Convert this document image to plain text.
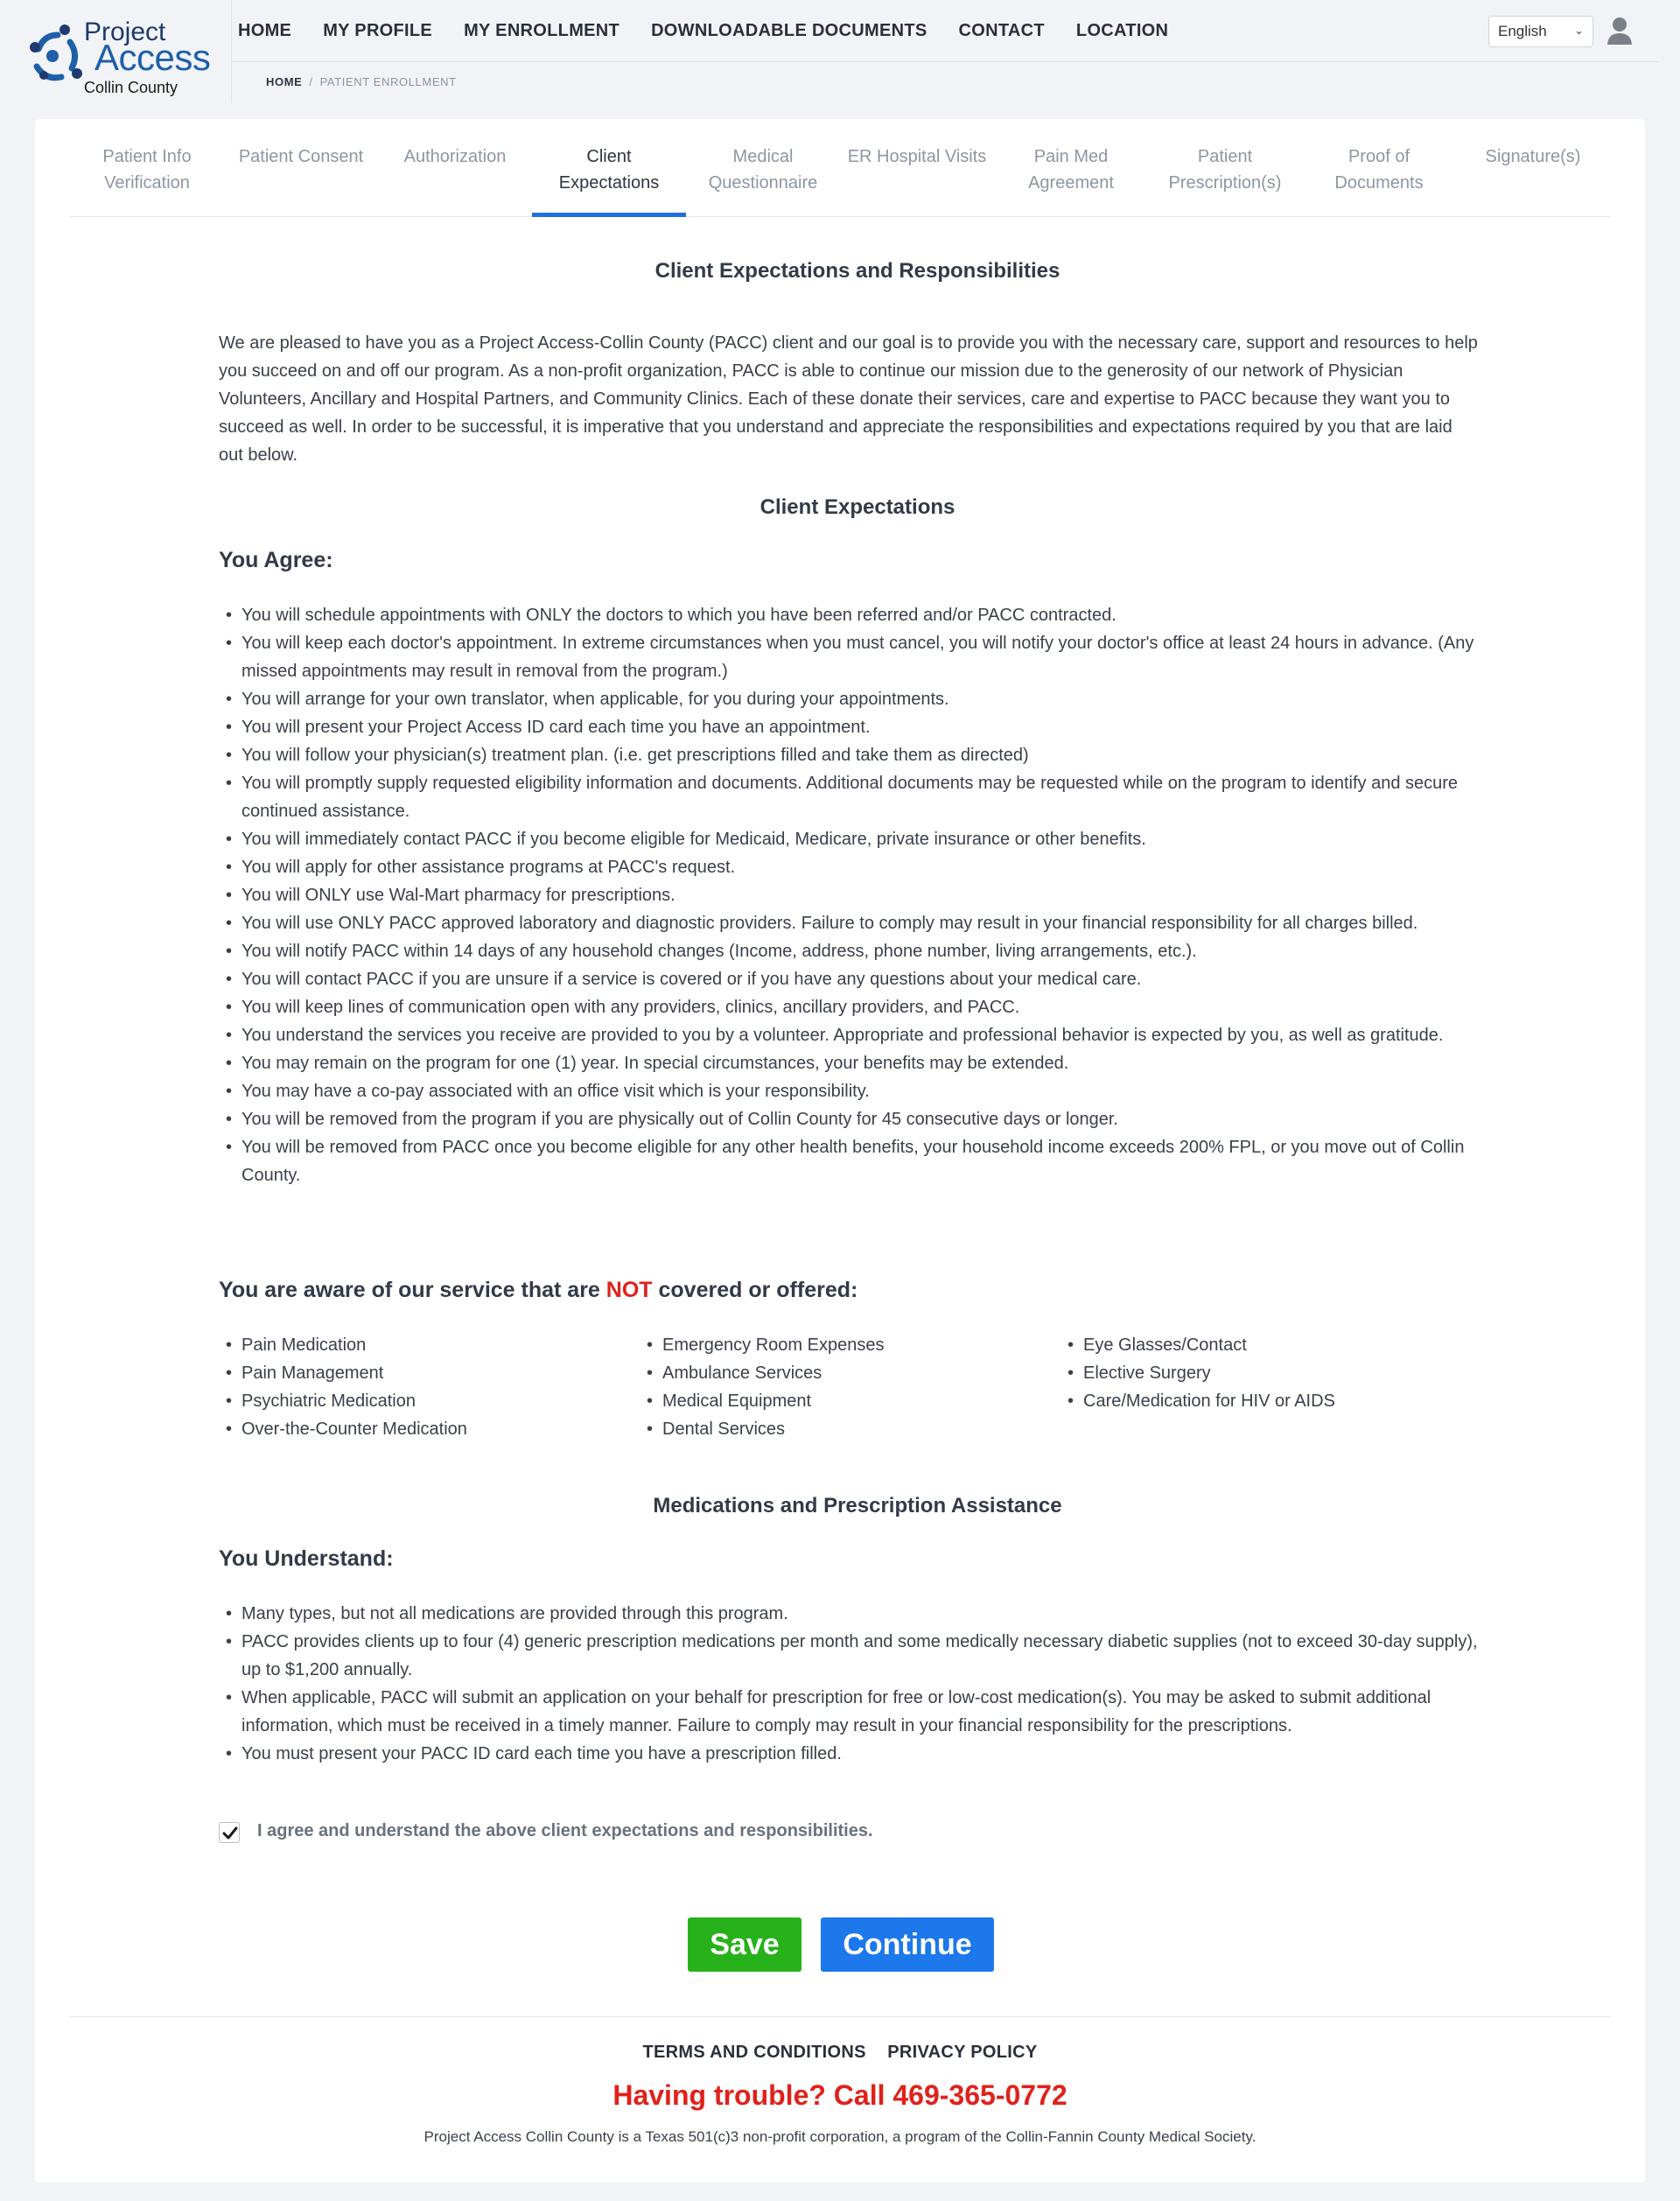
Project
Access
Collin County
HOME MY PROFILE MY ENROLLMENT DOWNLOADABLE DOCUMENTS CONTACT LOCATION
HOME / PATIENT ENROLLMENT
English ⌄
Patient Info
Verification
Patient Consent	Authorization	Client
Expectations
Medical
Questionnaire
ER Hospital Visits	Pain Med
Agreement
Patient
Prescription(s)
Proof of
Documents
Signature(s)
Client Expectations and Responsibilities

We are pleased to have you as a Project Access-Collin County (PACC) client and our goal is to provide you with the necessary care, support and resources to help you succeed on and off our program. As a non-profit organization, PACC is able to continue our mission due to the generosity of our network of Physician Volunteers, Ancillary and Hospital Partners, and Community Clinics. Each of these donate their services, care and expertise to PACC because they want you to succeed as well. In order to be successful, it is imperative that you understand and appreciate the responsibilities and expectations required by you that are laid out below.

Client Expectations
You Agree:
• You will schedule appointments with ONLY the doctors to which you have been referred and/or PACC contracted.
• You will keep each doctor's appointment. In extreme circumstances when you must cancel, you will notify your doctor's office at least 24 hours in advance. (Any missed appointments may result in removal from the program.)
• You will arrange for your own translator, when applicable, for you during your appointments.
• You will present your Project Access ID card each time you have an appointment.
• You will follow your physician(s) treatment plan. (i.e. get prescriptions filled and take them as directed)
• You will promptly supply requested eligibility information and documents. Additional documents may be requested while on the program to identify and secure continued assistance.
• You will immediately contact PACC if you become eligible for Medicaid, Medicare, private insurance or other benefits.
• You will apply for other assistance programs at PACC's request.
• You will ONLY use Wal-Mart pharmacy for prescriptions.
• You will use ONLY PACC approved laboratory and diagnostic providers. Failure to comply may result in your financial responsibility for all charges billed.
• You will notify PACC within 14 days of any household changes (Income, address, phone number, living arrangements, etc.).
• You will contact PACC if you are unsure if a service is covered or if you have any questions about your medical care.
• You will keep lines of communication open with any providers, clinics, ancillary providers, and PACC.
• You understand the services you receive are provided to you by a volunteer. Appropriate and professional behavior is expected by you, as well as gratitude.
• You may remain on the program for one (1) year. In special circumstances, your benefits may be extended.
• You may have a co-pay associated with an office visit which is your responsibility.
• You will be removed from the program if you are physically out of Collin County for 45 consecutive days or longer.
• You will be removed from PACC once you become eligible for any other health benefits, your household income exceeds 200% FPL, or you move out of Collin County.
You are aware of our service that are NOT covered or offered:
• Pain Medication
• Pain Management
• Psychiatric Medication
• Over-the-Counter Medication
• Emergency Room Expenses
• Ambulance Services
• Medical Equipment
• Dental Services
• Eye Glasses/Contact
• Elective Surgery
• Care/Medication for HIV or AIDS
Medications and Prescription Assistance
You Understand:
• Many types, but not all medications are provided through this program.
• PACC provides clients up to four (4) generic prescription medications per month and some medically necessary diabetic supplies (not to exceed 30-day supply), up to $1,200 annually.
• When applicable, PACC will submit an application on your behalf for prescription for free or low-cost medication(s). You may be asked to submit additional information, which must be received in a timely manner. Failure to comply may result in your financial responsibility for the prescriptions.
• You must present your PACC ID card each time you have a prescription filled.
I agree and understand the above client expectations and responsibilities.
Save	Continue
TERMS AND CONDITIONS PRIVACY POLICY
Having trouble? Call 469-365-0772
Project Access Collin County is a Texas 501(c)3 non-profit corporation, a program of the Collin-Fannin County Medical Society.
